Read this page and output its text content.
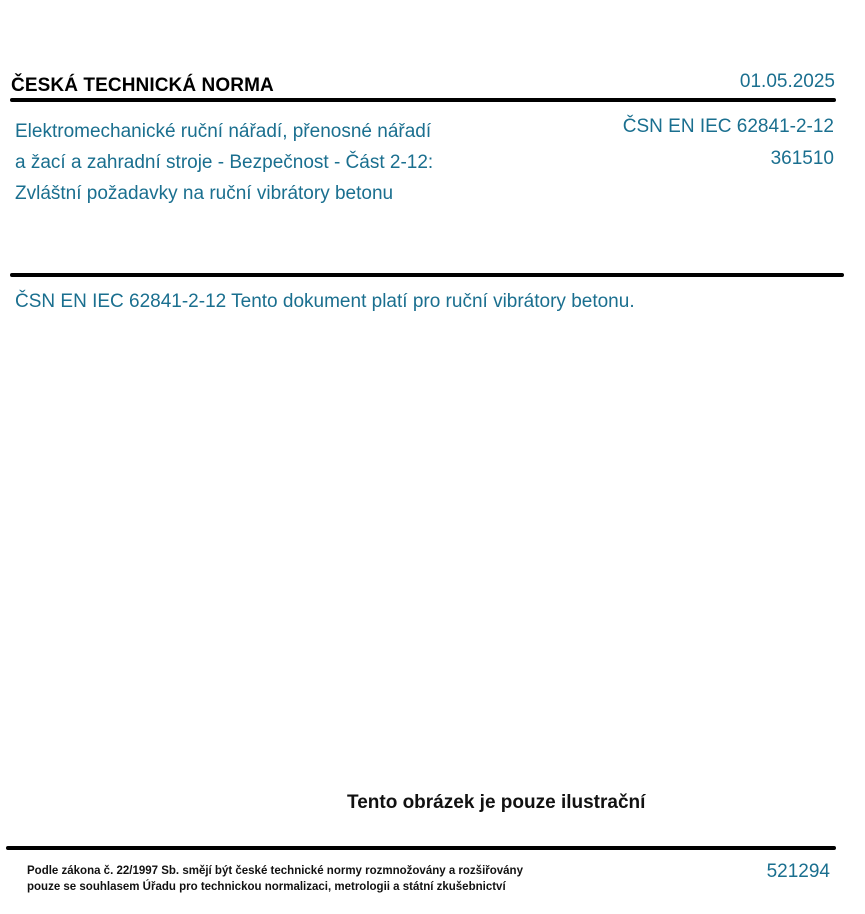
ČESKÁ TECHNICKÁ NORMA	01.05.2025
Elektromechanické ruční nářadí, přenosné nářadí
a žací a zahradní stroje - Bezpečnost - Část 2-12:
Zvláštní požadavky na ruční vibrátory betonu
ČSN EN IEC 62841-2-12
361510
ČSN EN IEC 62841-2-12 Tento dokument platí pro ruční vibrátory betonu.
Tento obrázek je pouze ilustrační
Podle zákona č. 22/1997 Sb. smějí být české technické normy rozmnožovány a rozšiřovány
pouze se souhlasem Úřadu pro technickou normalizaci, metrologii a státní zkušebnictví
521294
